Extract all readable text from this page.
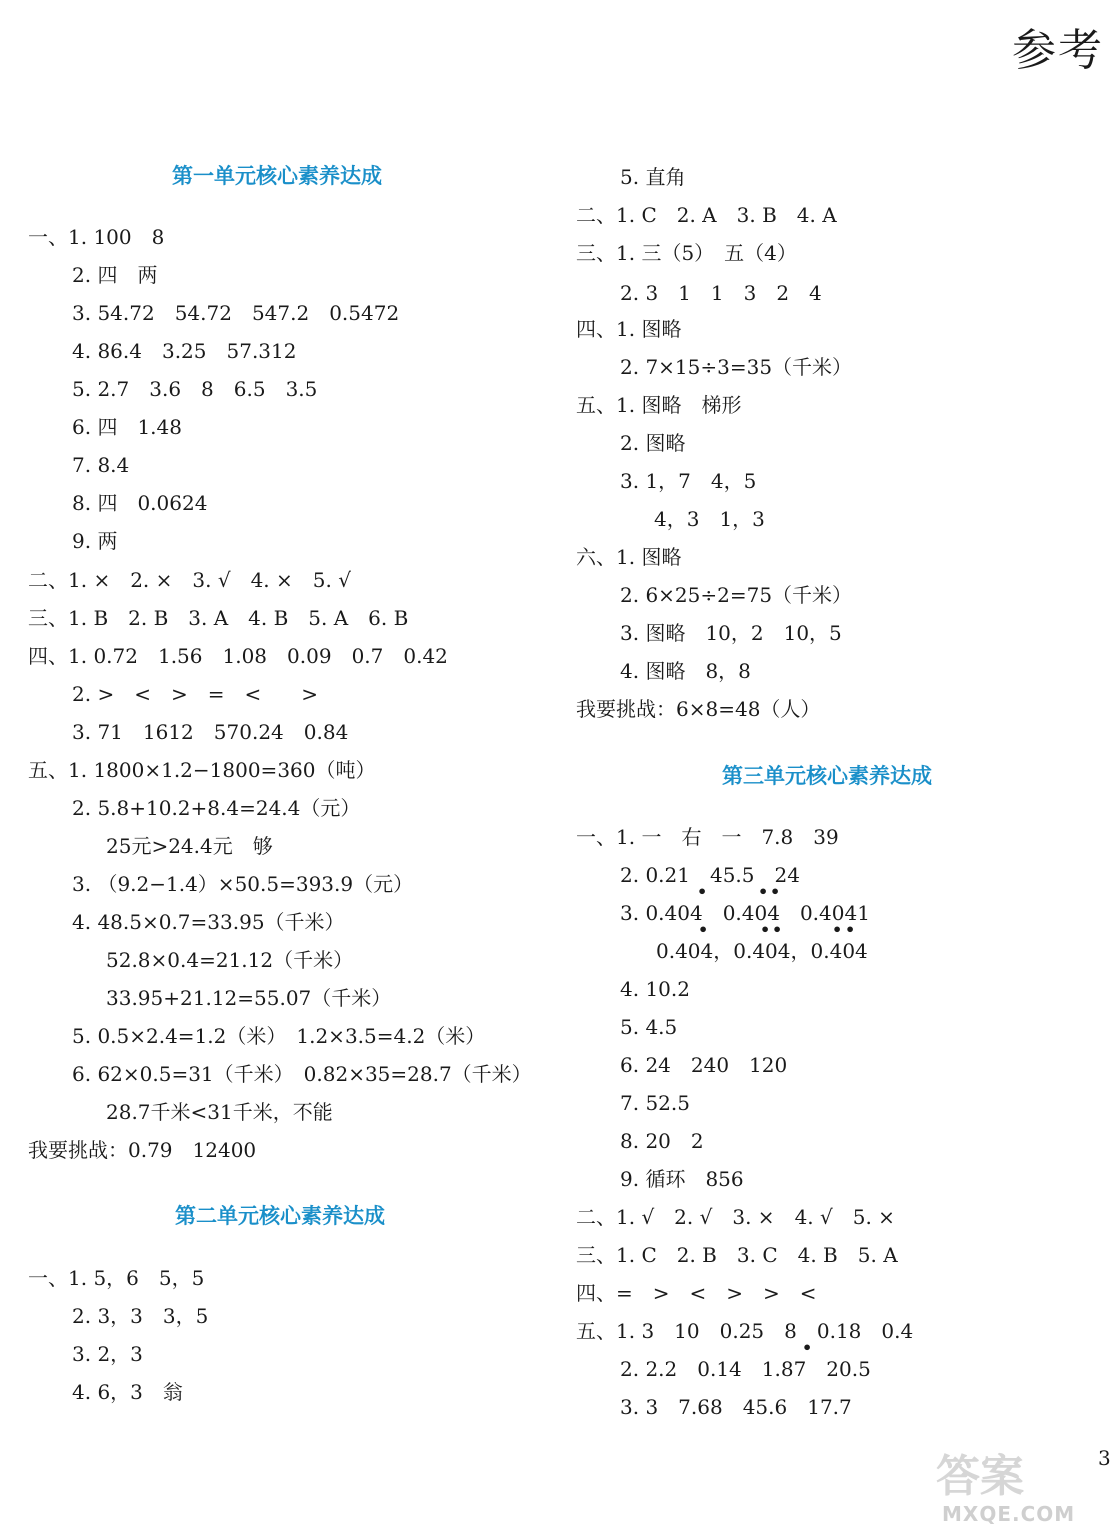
参考
第一单元核心素养达成
一、1. 100　8
2. 四　两
3. 54.72　54.72　547.2　0.5472
4. 86.4　3.25　57.312
5. 2.7　3.6　8　6.5　3.5
6. 四　1.48
7. 8.4
8. 四　0.0624
9. 两
二、1. ×　2. ×　3. √　4. ×　5. √
三、1. B　2. B　3. A　4. B　5. A　6. B
四、1. 0.72　1.56　1.08　0.09　0.7　0.42
2. >　<　>　=　<　　>
3. 71　1612　570.24　0.84
五、1. 1800×1.2−1800=360（吨）
2. 5.8+10.2+8.4=24.4（元）
25元>24.4元　够
3. （9.2−1.4）×50.5=393.9（元）
4. 48.5×0.7=33.95（千米）
52.8×0.4=21.12（千米）
33.95+21.12=55.07（千米）
5. 0.5×2.4=1.2（米）　1.2×3.5=4.2（米）
6. 62×0.5=31（千米）　0.82×35=28.7（千米）
28.7千米<31千米，不能
我要挑战：0.79　12400
第二单元核心素养达成
一、1. 5，6　5，5
2. 3，3　3，5
3. 2，3
4. 6，3　翁
5. 直角
二、1. C　2. A　3. B　4. A
三、1. 三（5）　五（4）
2. 3　1　1　3　2　4
四、1. 图略
2. 7×15÷3=35（千米）
五、1. 图略　梯形
2. 图略
3. 1，7　4，5
4，3　1，3
六、1. 图略
2. 6×25÷2=75（千米）
3. 图略　10，2　10，5
4. 图略　8，8
我要挑战：6×8=48（人）
第三单元核心素养达成
一、1. 一　右　一　7.8　39
2. 0.21　45.5　24
3. 0.404　0.404　0.4041
•	• •
0.404，0.404，0.404
•	• •	• •
4. 10.2
5. 4.5
6. 24　240　120
7. 52.5
8. 20　2
9. 循环　856
二、1. √　2. √　3. ×　4. √　5. ×
三、1. C　2. B　3. C　4. B　5. A
四、=　>　<　>　>　<
五、1. 3　10　0.25　8　0.18　0.4
2. 2.2　0.14　1.87　20.5
•
3. 3　7.68　45.6　17.7
3
答案
MXQE.COM
